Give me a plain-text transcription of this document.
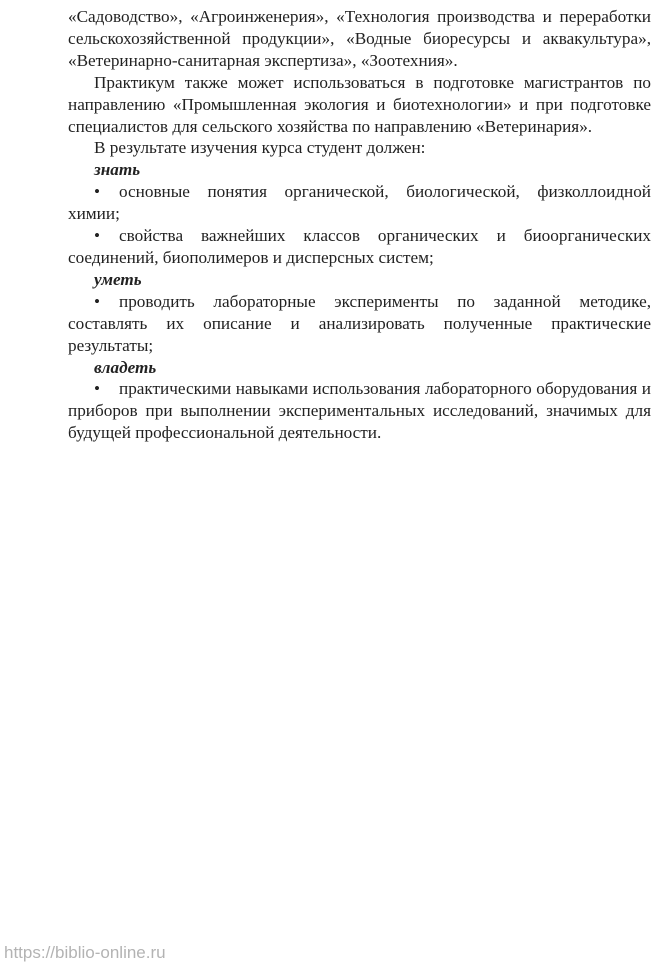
«Садоводство», «Агроинженерия», «Технология производства и переработки сельскохозяйственной продукции», «Водные биоресурсы и аквакультура», «Ветеринарно-санитарная экспертиза», «Зоотехния».

Практикум также может использоваться в подготовке магистрантов по направлению «Промышленная экология и биотехнологии» и при подготовке специалистов для сельского хозяйства по направлению «Ветеринария».

В результате изучения курса студент должен:

знать

• основные понятия органической, биологической, физколлоидной химии;

• свойства важнейших классов органических и биоорганических соединений, биополимеров и дисперсных систем;

уметь

• проводить лабораторные эксперименты по заданной методике, составлять их описание и анализировать полученные практические результаты;

владеть

• практическими навыками использования лабораторного оборудования и приборов при выполнении экспериментальных исследований, значимых для будущей профессиональной деятельности.

https://biblio-online.ru
